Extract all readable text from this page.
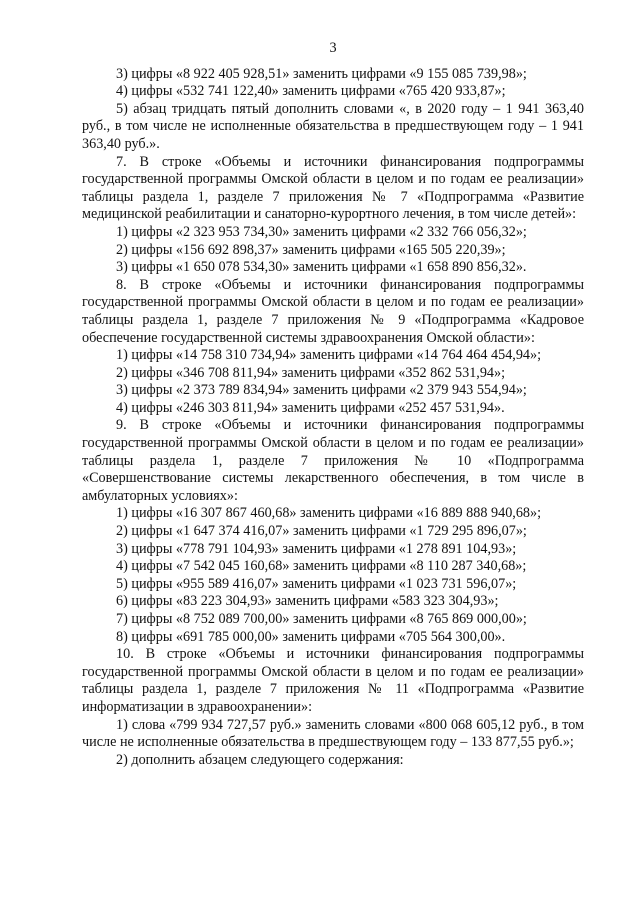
3

3) цифры «8 922 405 928,51» заменить цифрами «9 155 085 739,98»;

4) цифры «532 741 122,40» заменить цифрами «765 420 933,87»;

5) абзац тридцать пятый дополнить словами «, в 2020 году – 1 941 363,40 руб., в том числе не исполненные обязательства в предшествующем году – 1 941 363,40 руб.».

7. В строке «Объемы и источники финансирования подпрограммы государственной программы Омской области в целом и по годам ее реализации» таблицы раздела 1, разделе 7 приложения № 7 «Подпрограмма «Развитие медицинской реабилитации и санаторно-курортного лечения, в том числе детей»:

1) цифры «2 323 953 734,30» заменить цифрами «2 332 766 056,32»;

2) цифры «156 692 898,37» заменить цифрами «165 505 220,39»;

3) цифры «1 650 078 534,30» заменить цифрами «1 658 890 856,32».

8. В строке «Объемы и источники финансирования подпрограммы государственной программы Омской области в целом и по годам ее реализации» таблицы раздела 1, разделе 7 приложения № 9 «Подпрограмма «Кадровое обеспечение государственной системы здравоохранения Омской области»:

1) цифры «14 758 310 734,94» заменить цифрами «14 764 464 454,94»;

2) цифры «346 708 811,94» заменить цифрами «352 862 531,94»;

3) цифры «2 373 789 834,94» заменить цифрами «2 379 943 554,94»;

4) цифры «246 303 811,94» заменить цифрами «252 457 531,94».

9. В строке «Объемы и источники финансирования подпрограммы государственной программы Омской области в целом и по годам ее реализации» таблицы раздела 1, разделе 7 приложения № 10 «Подпрограмма «Совершенствование системы лекарственного обеспечения, в том числе в амбулаторных условиях»:

1) цифры «16 307 867 460,68» заменить цифрами «16 889 888 940,68»;

2) цифры «1 647 374 416,07» заменить цифрами «1 729 295 896,07»;

3) цифры «778 791 104,93» заменить цифрами «1 278 891 104,93»;

4) цифры «7 542 045 160,68» заменить цифрами «8 110 287 340,68»;

5) цифры «955 589 416,07» заменить цифрами «1 023 731 596,07»;

6) цифры «83 223 304,93» заменить цифрами «583 323 304,93»;

7) цифры «8 752 089 700,00» заменить цифрами «8 765 869 000,00»;

8) цифры «691 785 000,00» заменить цифрами «705 564 300,00».

10. В строке «Объемы и источники финансирования подпрограммы государственной программы Омской области в целом и по годам ее реализации» таблицы раздела 1, разделе 7 приложения № 11 «Подпрограмма «Развитие информатизации в здравоохранении»:

1) слова «799 934 727,57 руб.» заменить словами «800 068 605,12 руб., в том числе не исполненные обязательства в предшествующем году – 133 877,55 руб.»;

2) дополнить абзацем следующего содержания:
